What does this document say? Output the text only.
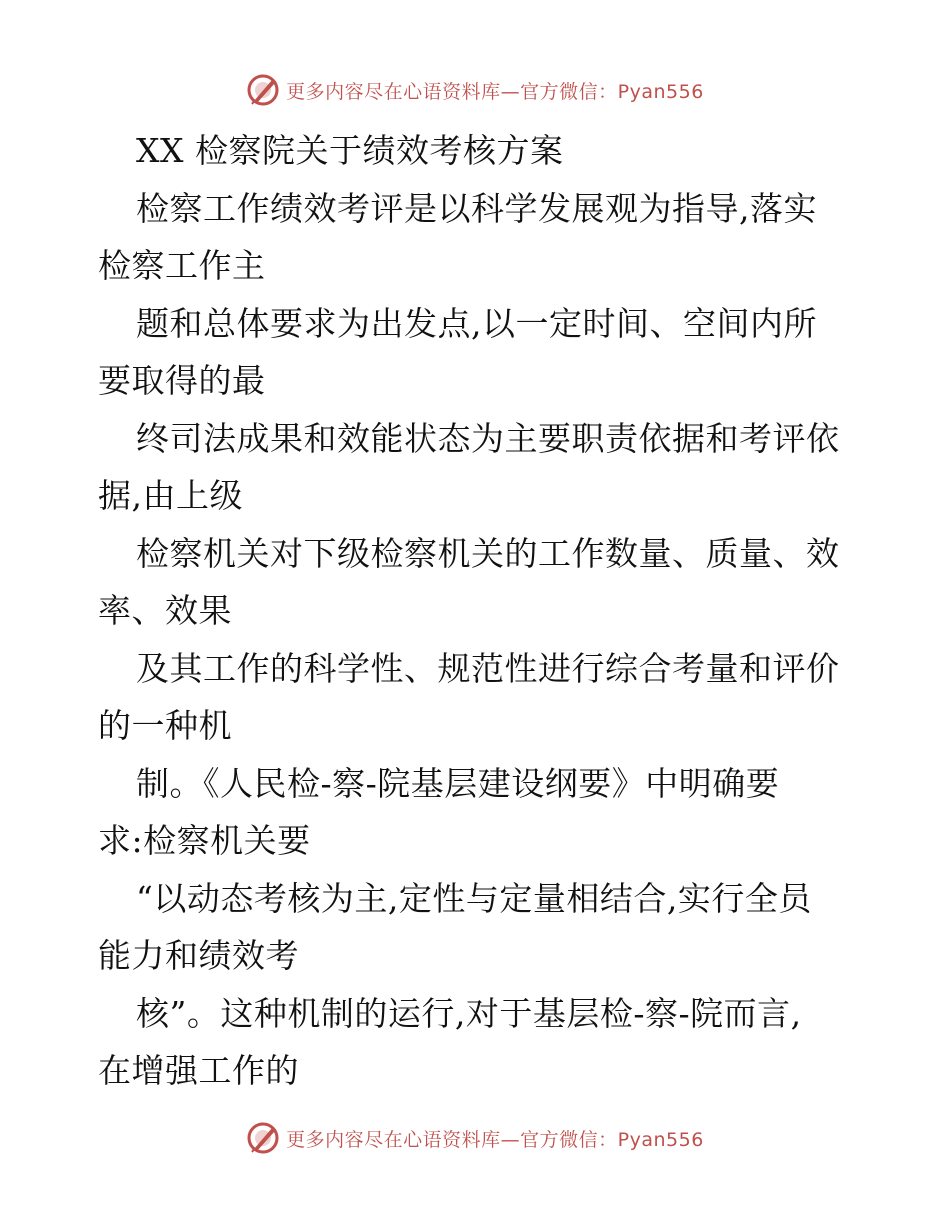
更多内容尽在心语资料库—官方微信：Pyan556
XX 检察院关于绩效考核方案
检察工作绩效考评是以科学发展观为指导,落实
检察工作主
题和总体要求为出发点,以一定时间、空间内所
要取得的最
终司法成果和效能状态为主要职责依据和考评依
据,由上级
检察机关对下级检察机关的工作数量、质量、效
率、效果
及其工作的科学性、规范性进行综合考量和评价
的一种机
制。《人民检-察-院基层建设纲要》中明确要
求:检察机关要
“以动态考核为主,定性与定量相结合,实行全员
能力和绩效考
核”。这种机制的运行,对于基层检-察-院而言,
在增强工作的
更多内容尽在心语资料库—官方微信：Pyan556
